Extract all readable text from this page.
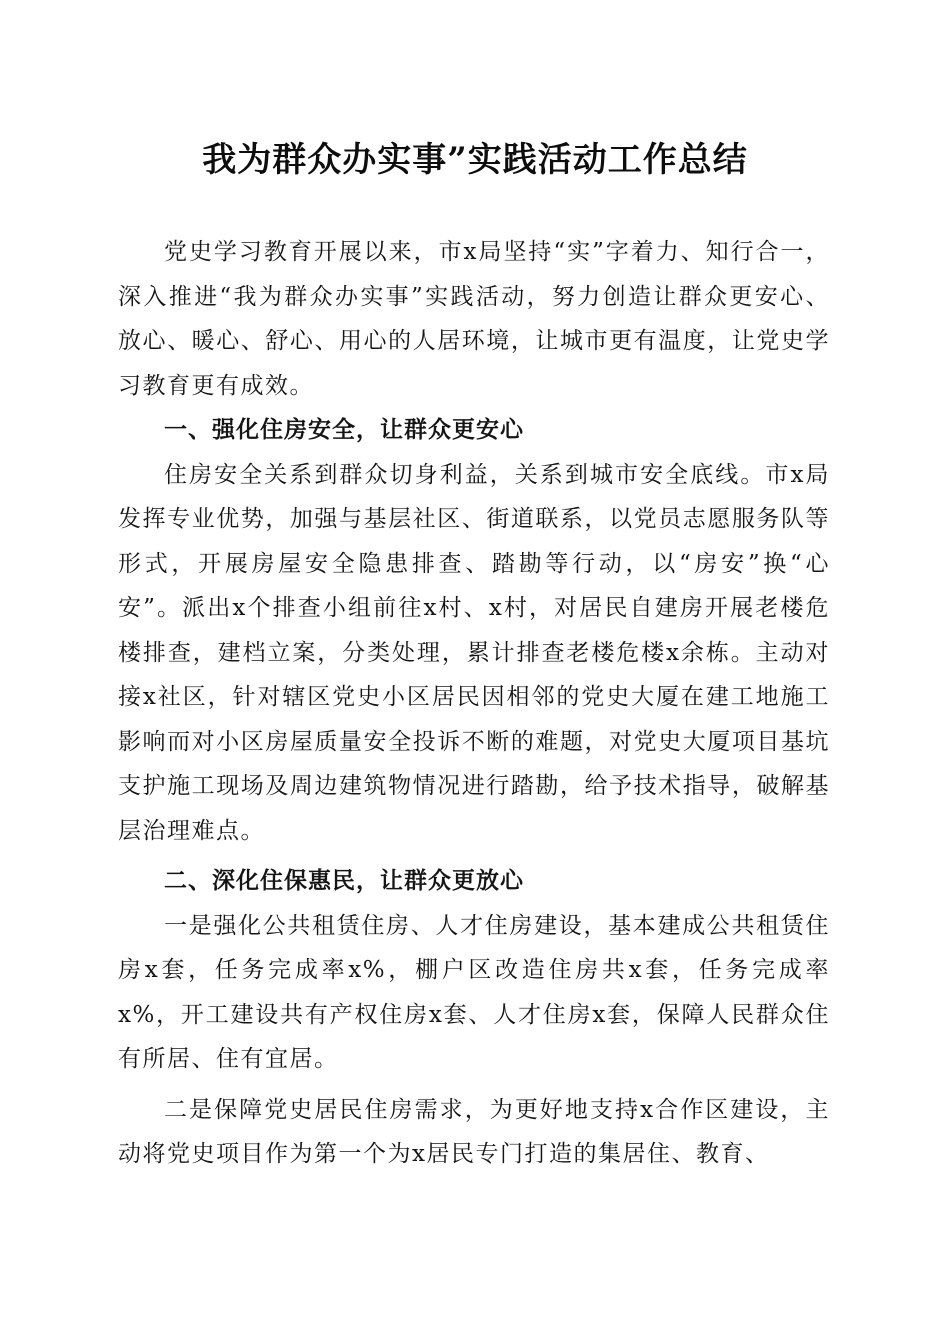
我为群众办实事”实践活动工作总结

党史学习教育开展以来，市x局坚持“实”字着力、知行合一，深入推进“我为群众办实事”实践活动，努力创造让群众更安心、放心、暖心、舒心、用心的人居环境，让城市更有温度，让党史学习教育更有成效。

一、强化住房安全，让群众更安心

住房安全关系到群众切身利益，关系到城市安全底线。市x局发挥专业优势，加强与基层社区、街道联系，以党员志愿服务队等形式，开展房屋安全隐患排查、踏勘等行动，以“房安”换“心安”。派出x个排查小组前往x村、x村，对居民自建房开展老楼危楼排查，建档立案，分类处理，累计排查老楼危楼x余栋。主动对接x社区，针对辖区党史小区居民因相邻的党史大厦在建工地施工影响而对小区房屋质量安全投诉不断的难题，对党史大厦项目基坑支护施工现场及周边建筑物情况进行踏勘，给予技术指导，破解基层治理难点。

二、深化住保惠民，让群众更放心

一是强化公共租赁住房、人才住房建设，基本建成公共租赁住房x套，任务完成率x%，棚户区改造住房共x套，任务完成率x%，开工建设共有产权住房x套、人才住房x套，保障人民群众住有所居、住有宜居。

二是保障党史居民住房需求，为更好地支持x合作区建设，主动将党史项目作为第一个为x居民专门打造的集居住、教育、
